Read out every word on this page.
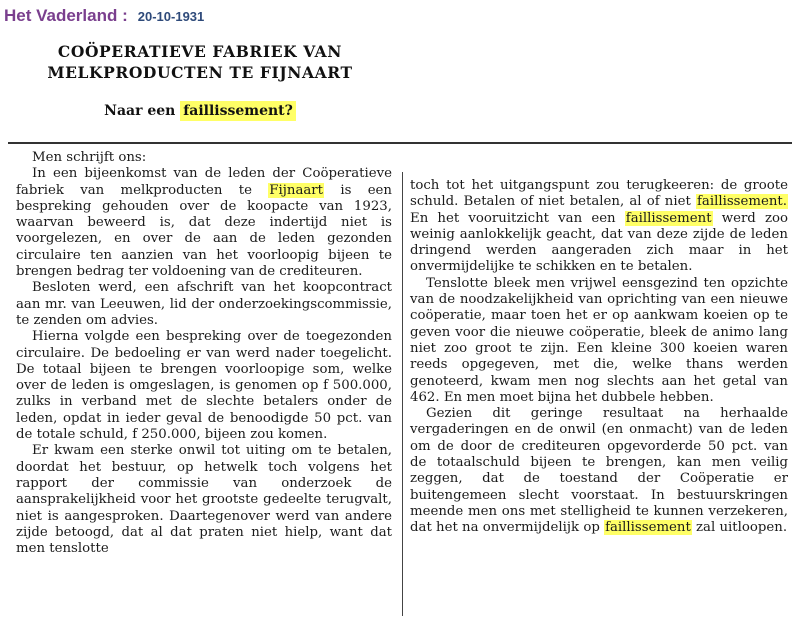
Het Vaderland : 20-10-1931
COÖPERATIEVE FABRIEK VAN
MELKPRODUCTEN TE FIJNAART
Naar een faillissement?

Men schrijft ons:

In een bijeenkomst van de leden der Coöperatieve fabriek van melkproducten te Fijnaart is een bespreking gehouden over de koopacte van 1923, waarvan beweerd is, dat deze indertijd niet is voorgelezen, en over de aan de leden gezonden circulaire ten aanzien van het voorloopig bijeen te brengen bedrag ter voldoening van de crediteuren.

Besloten werd, een afschrift van het koopcontract aan mr. van Leeuwen, lid der onderzoekingscommissie, te zenden om advies.

Hierna volgde een bespreking over de toegezonden circulaire. De bedoeling er van werd nader toegelicht. De totaal bijeen te brengen voorloopige som, welke over de leden is omgeslagen, is genomen op f 500.000, zulks in verband met de slechte betalers onder de leden, opdat in ieder geval de benoodigde 50 pct. van de totale schuld, f 250.000, bijeen zou komen.

Er kwam een sterke onwil tot uiting om te betalen, doordat het bestuur, op hetwelk toch volgens het rapport der commissie van onderzoek de aansprakelijkheid voor het grootste gedeelte terugvalt, niet is aangesproken. Daartegenover werd van andere zijde betoogd, dat al dat praten niet hielp, want dat men tenslotte

toch tot het uitgangspunt zou terugkeeren: de groote schuld. Betalen of niet betalen, al of niet faillissement. En het vooruitzicht van een faillissement werd zoo weinig aanlokkelijk geacht, dat van deze zijde de leden dringend werden aangeraden zich maar in het onvermijdelijke te schikken en te betalen.

Tenslotte bleek men vrijwel eensgezind ten opzichte van de noodzakelijkheid van oprichting van een nieuwe coöperatie, maar toen het er op aankwam koeien op te geven voor die nieuwe coöperatie, bleek de animo lang niet zoo groot te zijn. Een kleine 300 koeien waren reeds opgegeven, met die, welke thans werden genoteerd, kwam men nog slechts aan het getal van 462. En men moet bijna het dubbele hebben.

Gezien dit geringe resultaat na herhaalde vergaderingen en de onwil (en onmacht) van de leden om de door de crediteuren opgevorderde 50 pct. van de totaalschuld bijeen te brengen, kan men veilig zeggen, dat de toestand der Coöperatie er buitengemeen slecht voorstaat. In bestuurskringen meende men ons met stelligheid te kunnen verzekeren, dat het na onvermijdelijk op faillissement zal uitloopen.
